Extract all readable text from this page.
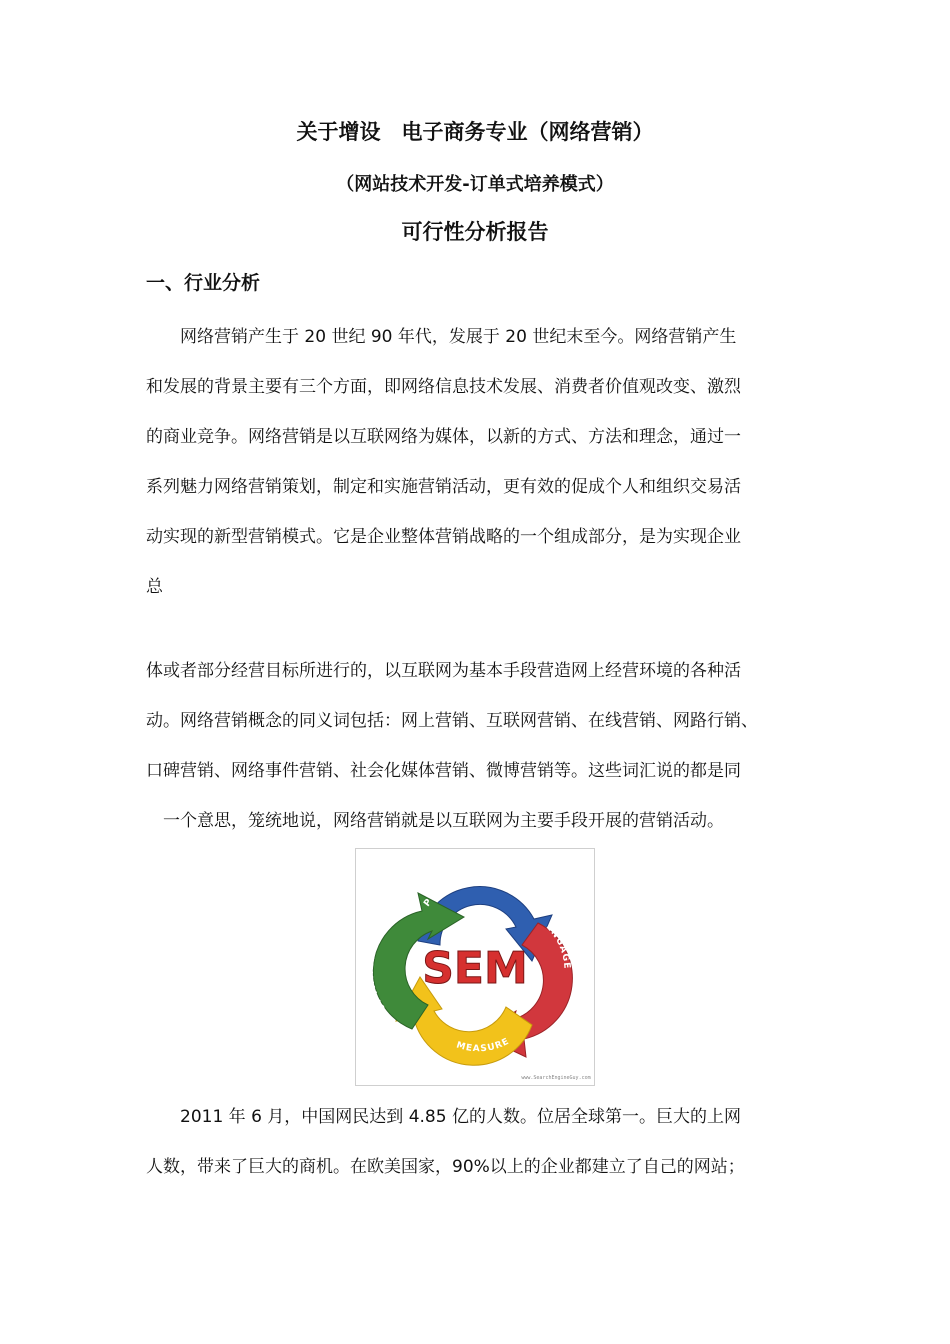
关于增设　电子商务专业（网络营销）
（网站技术开发-订单式培养模式）
可行性分析报告
一、行业分析
　　网络营销产生于 20 世纪 90 年代，发展于 20 世纪末至今。网络营销产生
和发展的背景主要有三个方面，即网络信息技术发展、消费者价值观改变、激烈
的商业竞争。网络营销是以互联网络为媒体，以新的方式、方法和理念，通过一
系列魅力网络营销策划，制定和实施营销活动，更有效的促成个人和组织交易活
动实现的新型营销模式。它是企业整体营销战略的一个组成部分，是为实现企业
总
体或者部分经营目标所进行的，以互联网为基本手段营造网上经营环境的各种活
动。网络营销概念的同义词包括：网上营销、互联网营销、在线营销、网路行销、
口碑营销、网络事件营销、社会化媒体营销、微博营销等。这些词汇说的都是同
　一个意思，笼统地说，网络营销就是以互联网为主要手段开展的营销活动。
PROMOTE
ENGAGE
MEASURE
OPTIMIZE SEM
www.SearchEngineGuy.com
　　2011 年 6 月，中国网民达到 4.85 亿的人数。位居全球第一。巨大的上网
人数，带来了巨大的商机。在欧美国家，90%以上的企业都建立了自己的网站；
